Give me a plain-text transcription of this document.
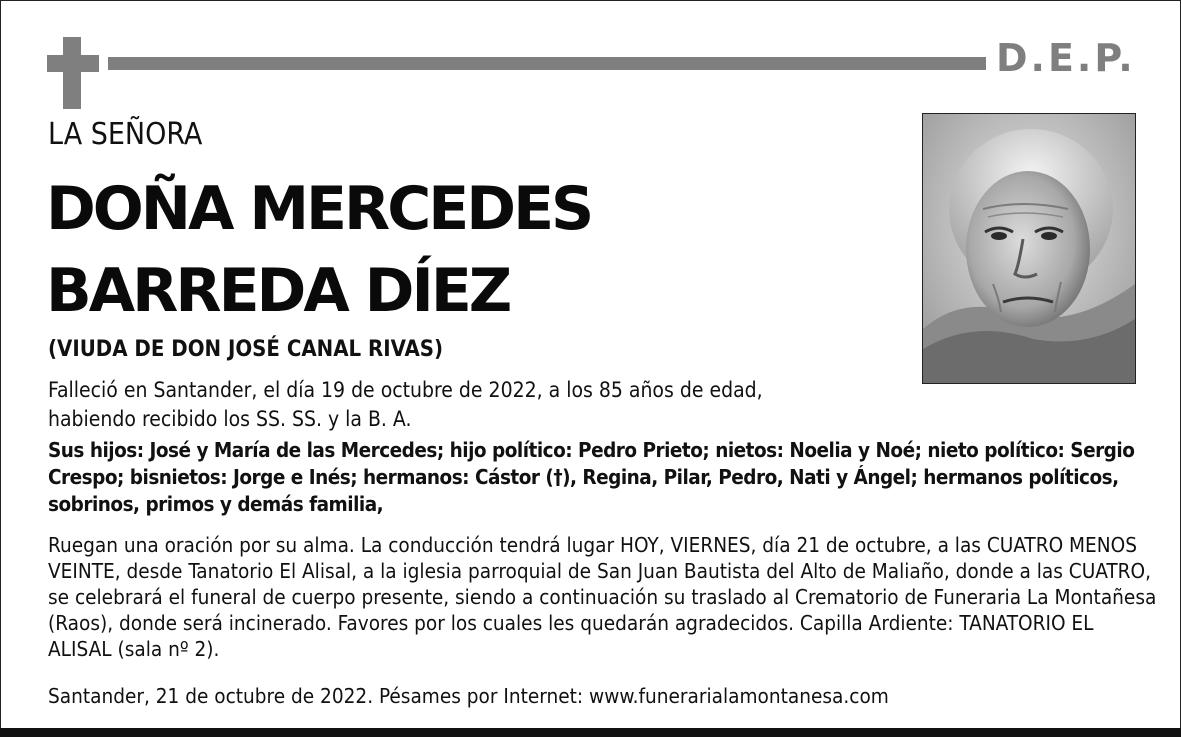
D.E.P.
LA SEÑORA
DOÑA MERCEDES
BARREDA DÍEZ
(VIUDA DE DON JOSÉ CANAL RIVAS)
Falleció en Santander, el día 19 de octubre de 2022, a los 85 años de edad,
habiendo recibido los SS. SS. y la B. A.
Sus hijos: José y María de las Mercedes; hijo político: Pedro Prieto; nietos: Noelia y Noé; nieto político: Sergio Crespo; bisnietos: Jorge e Inés; hermanos: Cástor (†), Regina, Pilar, Pedro, Nati y Ángel; hermanos políticos, sobrinos, primos y demás familia,
Ruegan una oración por su alma. La conducción tendrá lugar HOY, VIERNES, día 21 de octubre, a las CUATRO MENOS VEINTE, desde Tanatorio El Alisal, a la iglesia parroquial de San Juan Bautista del Alto de Maliaño, donde a las CUATRO, se celebrará el funeral de cuerpo presente, siendo a continuación su traslado al Crematorio de Funeraria La Montañesa (Raos), donde será incinerado. Favores por los cuales les quedarán agradecidos. Capilla Ardiente: TANATORIO EL ALISAL (sala nº 2).
Santander, 21 de octubre de 2022. Pésames por Internet: www.funerarialamontanesa.com
